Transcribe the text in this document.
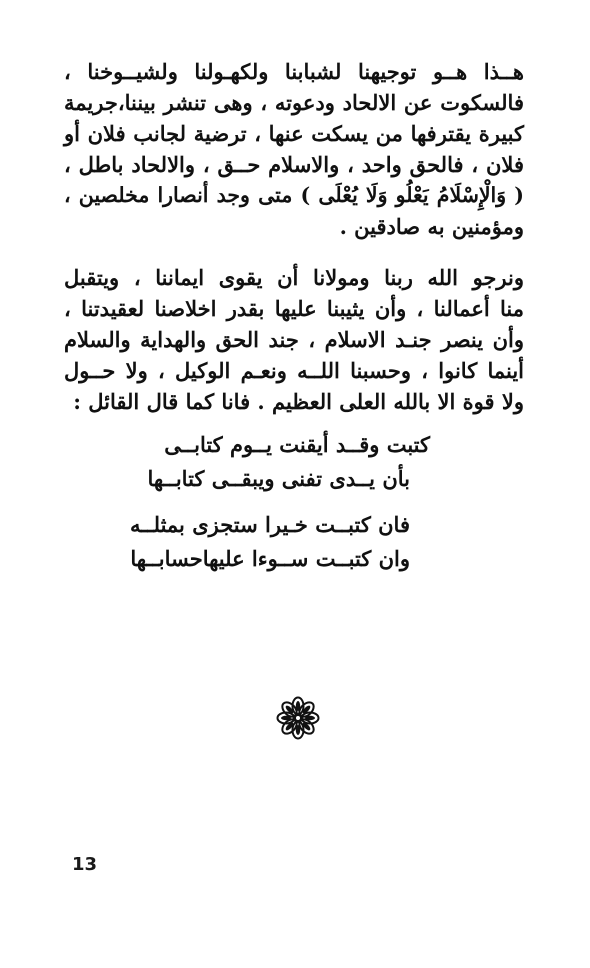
هــذا هــو توجيهنا لشبابنا ولكهـولنا ولشيــوخنا ،
فالسكوت عن الالحاد ودعوته ، وهى تنشر بيننا،جريمة
كبيرة يقترفها من يسكت عنها ، ترضية لجانب فلان أو
فلان ، فالحق واحد ، والاسلام حــق ، والالحاد باطل ،
( وَالْإِسْلَامُ يَعْلُو وَلَا يُعْلَى ) متى وجد أنصارا مخلصين ،
ومؤمنين به صادقين .
ونرجو الله ربنا ومولانا أن يقوى ايماننا ، ويتقبل
منا أعمالنا ، وأن يثيبنا عليها بقدر اخلاصنا لعقيدتنا ،
وأن ينصر جنـد الاسلام ، جند الحق والهداية والسلام
أينما كانوا ، وحسبنا اللــه ونعـم الوكيل ، ولا حــول
ولا قوة الا بالله العلى العظيم . فانا كما قال القائل :
كتبت وقــد أيقنت يــوم كتابــى
بأن يــدى تفنى ويبقــى كتابــها
فان كتبــت خـيرا ستجزى بمثلــه
وان كتبــت ســوءا عليهاحسابــها
13
